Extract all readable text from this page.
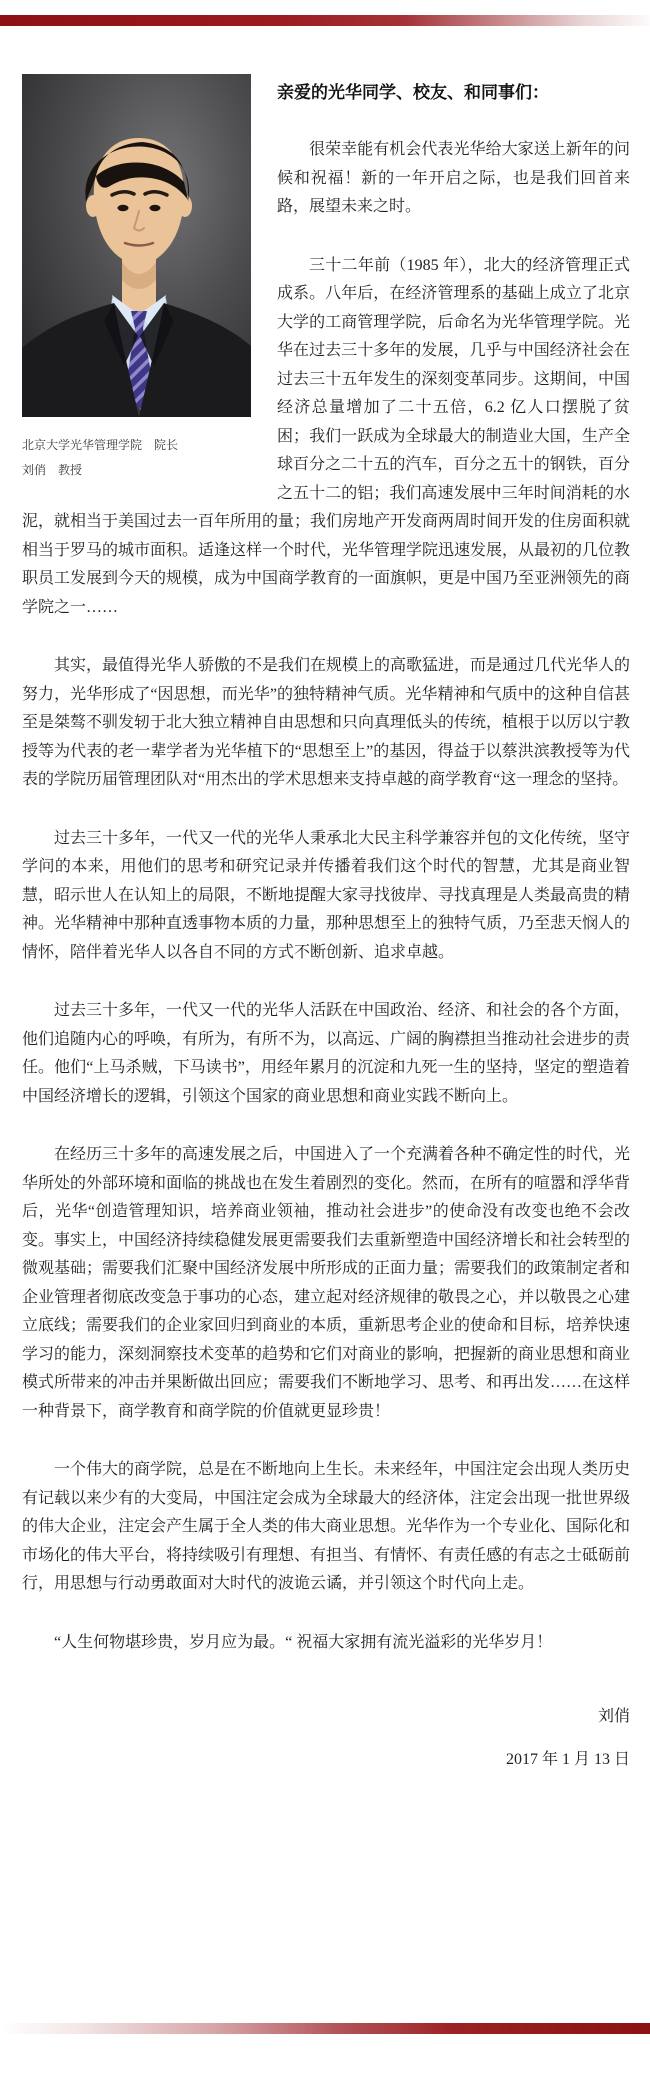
北京大学光华管理学院　院长
刘俏　教授
亲爱的光华同学、校友、和同事们：

很荣幸能有机会代表光华给大家送上新年的问候和祝福！新的一年开启之际，也是我们回首来路，展望未来之时。

三十二年前（1985 年），北大的经济管理正式成系。八年后，在经济管理系的基础上成立了北京大学的工商管理学院，后命名为光华管理学院。光华在过去三十多年的发展，几乎与中国经济社会在过去三十五年发生的深刻变革同步。这期间，中国经济总量增加了二十五倍，6.2 亿人口摆脱了贫困；我们一跃成为全球最大的制造业大国，生产全球百分之二十五的汽车，百分之五十的钢铁，百分之五十二的铝；我们高速发展中三年时间消耗的水泥，就相当于美国过去一百年所用的量；我们房地产开发商两周时间开发的住房面积就相当于罗马的城市面积。适逢这样一个时代，光华管理学院迅速发展，从最初的几位教职员工发展到今天的规模，成为中国商学教育的一面旗帜，更是中国乃至亚洲领先的商学院之一……

其实，最值得光华人骄傲的不是我们在规模上的高歌猛进，而是通过几代光华人的努力，光华形成了“因思想，而光华”的独特精神气质。光华精神和气质中的这种自信甚至是桀骜不驯发轫于北大独立精神自由思想和只向真理低头的传统，植根于以厉以宁教授等为代表的老一辈学者为光华植下的“思想至上”的基因，得益于以蔡洪滨教授等为代表的学院历届管理团队对“用杰出的学术思想来支持卓越的商学教育“这一理念的坚持。

过去三十多年，一代又一代的光华人秉承北大民主科学兼容并包的文化传统，坚守学问的本来，用他们的思考和研究记录并传播着我们这个时代的智慧，尤其是商业智慧，昭示世人在认知上的局限，不断地提醒大家寻找彼岸、寻找真理是人类最高贵的精神。光华精神中那种直透事物本质的力量，那种思想至上的独特气质，乃至悲天悯人的情怀，陪伴着光华人以各自不同的方式不断创新、追求卓越。

过去三十多年，一代又一代的光华人活跃在中国政治、经济、和社会的各个方面，他们追随内心的呼唤，有所为，有所不为，以高远、广阔的胸襟担当推动社会进步的责任。他们“上马杀贼，下马读书”，用经年累月的沉淀和九死一生的坚持，坚定的塑造着中国经济增长的逻辑，引领这个国家的商业思想和商业实践不断向上。

在经历三十多年的高速发展之后，中国进入了一个充满着各种不确定性的时代，光华所处的外部环境和面临的挑战也在发生着剧烈的变化。然而，在所有的喧嚣和浮华背后，光华“创造管理知识，培养商业领袖，推动社会进步”的使命没有改变也绝不会改变。事实上，中国经济持续稳健发展更需要我们去重新塑造中国经济增长和社会转型的微观基础；需要我们汇聚中国经济发展中所形成的正面力量；需要我们的政策制定者和企业管理者彻底改变急于事功的心态，建立起对经济规律的敬畏之心，并以敬畏之心建立底线；需要我们的企业家回归到商业的本质，重新思考企业的使命和目标，培养快速学习的能力，深刻洞察技术变革的趋势和它们对商业的影响，把握新的商业思想和商业模式所带来的冲击并果断做出回应；需要我们不断地学习、思考、和再出发……在这样一种背景下，商学教育和商学院的价值就更显珍贵！

一个伟大的商学院，总是在不断地向上生长。未来经年，中国注定会出现人类历史有记载以来少有的大变局，中国注定会成为全球最大的经济体，注定会出现一批世界级的伟大企业，注定会产生属于全人类的伟大商业思想。光华作为一个专业化、国际化和市场化的伟大平台，将持续吸引有理想、有担当、有情怀、有责任感的有志之士砥砺前行，用思想与行动勇敢面对大时代的波诡云谲，并引领这个时代向上走。

“人生何物堪珍贵，岁月应为最。“ 祝福大家拥有流光溢彩的光华岁月！

刘俏

2017 年 1 月 13 日
